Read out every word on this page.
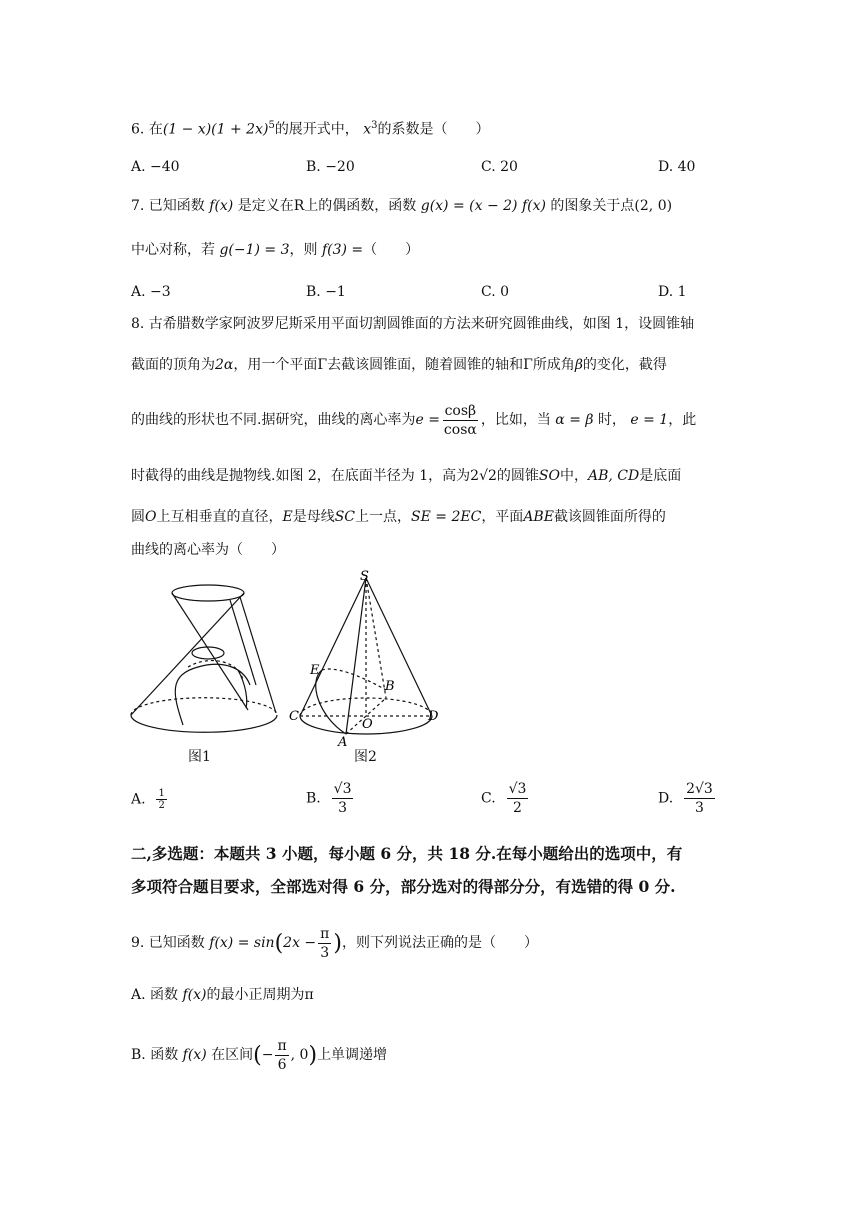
6. 在$(1 - x)(1 + 2x)^5$的展开式中， $x^3$的系数是（　　）
A. −40	B. −20	C. 20	D. 40
7. 已知函数 f(x) 是定义在R上的偶函数，函数 g(x) = (x − 2) f(x) 的图象关于点(2, 0)
中心对称，若 g(−1) = 3，则 f(3) =（　　）
A. −3	B. −1	C. 0	D. 1
8. 古希腊数学家阿波罗尼斯采用平面切割圆锥面的方法来研究圆锥曲线，如图 1，设圆锥轴
截面的顶角为2α，用一个平面Γ去截该圆锥面，随着圆锥的轴和Γ所成角β的变化，截得
的曲线的形状也不同.据研究，曲线的离心率为$e = \frac{\cos\beta}{\cos\alpha}$ ，比如，当 α = β 时， e = 1，此
时截得的曲线是抛物线.如图 2，在底面半径为 1，高为2√2的圆锥SO中，AB, CD是底面
圆O上互相垂直的直径，E是母线SC上一点，SE = 2EC，平面ABE截该圆锥面所得的
曲线的离心率为（　　）
图1
S
E
B
C
O
D
A
图2
A. $\frac{1}{2}$	B. $\frac{√3}{3}$	C. $\frac{√3}{2}$	D. $\frac{2√3}{3}$
二,多选题：本题共 3 小题，每小题 6 分，共 18 分.在每小题给出的选项中，有
多项符合题目要求，全部选对得 6 分，部分选对的得部分分，有选错的得 0 分.
9. 已知函数 $f(x) = \sin(2x - \frac{\pi}{3}$ )，则下列说法正确的是（　　）
A. 函数 f(x)的最小正周期为π
B. 函数 f(x) 在区间(− $\frac{\pi}{6}$ , 0)上单调递增
